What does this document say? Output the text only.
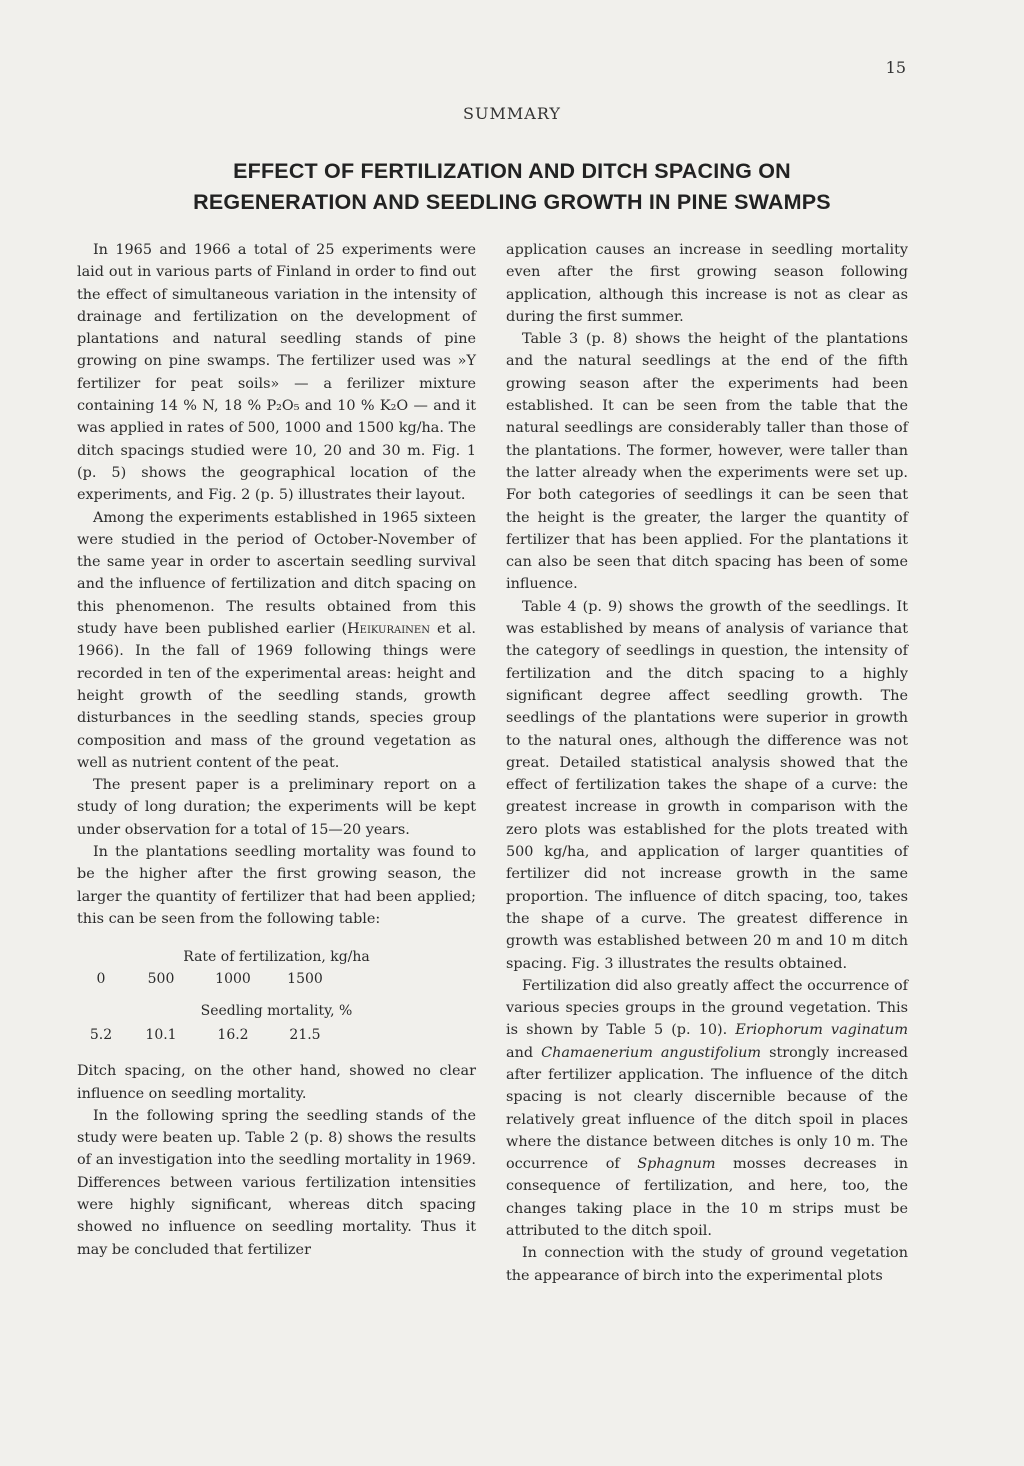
15
SUMMARY
EFFECT OF FERTILIZATION AND DITCH SPACING ON
REGENERATION AND SEEDLING GROWTH IN PINE SWAMPS

In 1965 and 1966 a total of 25 experiments were laid out in various parts of Finland in order to find out the effect of simultaneous variation in the intensity of drainage and fertilization on the development of plantations and natural seedling stands of pine growing on pine swamps. The fertilizer used was »Y fertilizer for peat soils» — a ferilizer mixture containing 14 % N, 18 % P₂O₅ and 10 % K₂O — and it was applied in rates of 500, 1000 and 1500 kg/ha. The ditch spacings studied were 10, 20 and 30 m. Fig. 1 (p. 5) shows the geographical location of the experiments, and Fig. 2 (p. 5) illustrates their layout.

Among the experiments established in 1965 sixteen were studied in the period of October-November of the same year in order to ascertain seedling survival and the influence of fertilization and ditch spacing on this phenomenon. The results obtained from this study have been published earlier (Heikurainen et al. 1966). In the fall of 1969 following things were recorded in ten of the experimental areas: height and height growth of the seedling stands, growth disturbances in the seedling stands, species group composition and mass of the ground vegetation as well as nutrient content of the peat.

The present paper is a preliminary report on a study of long duration; the experiments will be kept under observation for a total of 15—20 years.

In the plantations seedling mortality was found to be the higher after the first growing season, the larger the quantity of fertilizer that had been applied; this can be seen from the following table:

Rate of fertilization, kg/ha
0	500	1000	1500
Seedling mortality, %
5.2	10.1	16.2	21.5

Ditch spacing, on the other hand, showed no clear influence on seedling mortality.

In the following spring the seedling stands of the study were beaten up. Table 2 (p. 8) shows the results of an investigation into the seedling mortality in 1969. Differences between various fertilization intensities were highly significant, whereas ditch spacing showed no influence on seedling mortality. Thus it may be concluded that fertilizer

application causes an increase in seedling mortality even after the first growing season following application, although this increase is not as clear as during the first summer.

Table 3 (p. 8) shows the height of the plantations and the natural seedlings at the end of the fifth growing season after the experiments had been established. It can be seen from the table that the natural seedlings are considerably taller than those of the plantations. The former, however, were taller than the latter already when the experiments were set up. For both categories of seedlings it can be seen that the height is the greater, the larger the quantity of fertilizer that has been applied. For the plantations it can also be seen that ditch spacing has been of some influence.

Table 4 (p. 9) shows the growth of the seedlings. It was established by means of analysis of variance that the category of seedlings in question, the intensity of fertilization and the ditch spacing to a highly significant degree affect seedling growth. The seedlings of the plantations were superior in growth to the natural ones, although the difference was not great. Detailed statistical analysis showed that the effect of fertilization takes the shape of a curve: the greatest increase in growth in comparison with the zero plots was established for the plots treated with 500 kg/ha, and application of larger quantities of fertilizer did not increase growth in the same proportion. The influence of ditch spacing, too, takes the shape of a curve. The greatest difference in growth was established between 20 m and 10 m ditch spacing. Fig. 3 illustrates the results obtained.

Fertilization did also greatly affect the occurrence of various species groups in the ground vegetation. This is shown by Table 5 (p. 10). Eriophorum vaginatum and Chamaenerium angustifolium strongly increased after fertilizer application. The influence of the ditch spacing is not clearly discernible because of the relatively great influence of the ditch spoil in places where the distance between ditches is only 10 m. The occurrence of Sphagnum mosses decreases in consequence of fertilization, and here, too, the changes taking place in the 10 m strips must be attributed to the ditch spoil.

In connection with the study of ground vegetation the appearance of birch into the experimental plots
